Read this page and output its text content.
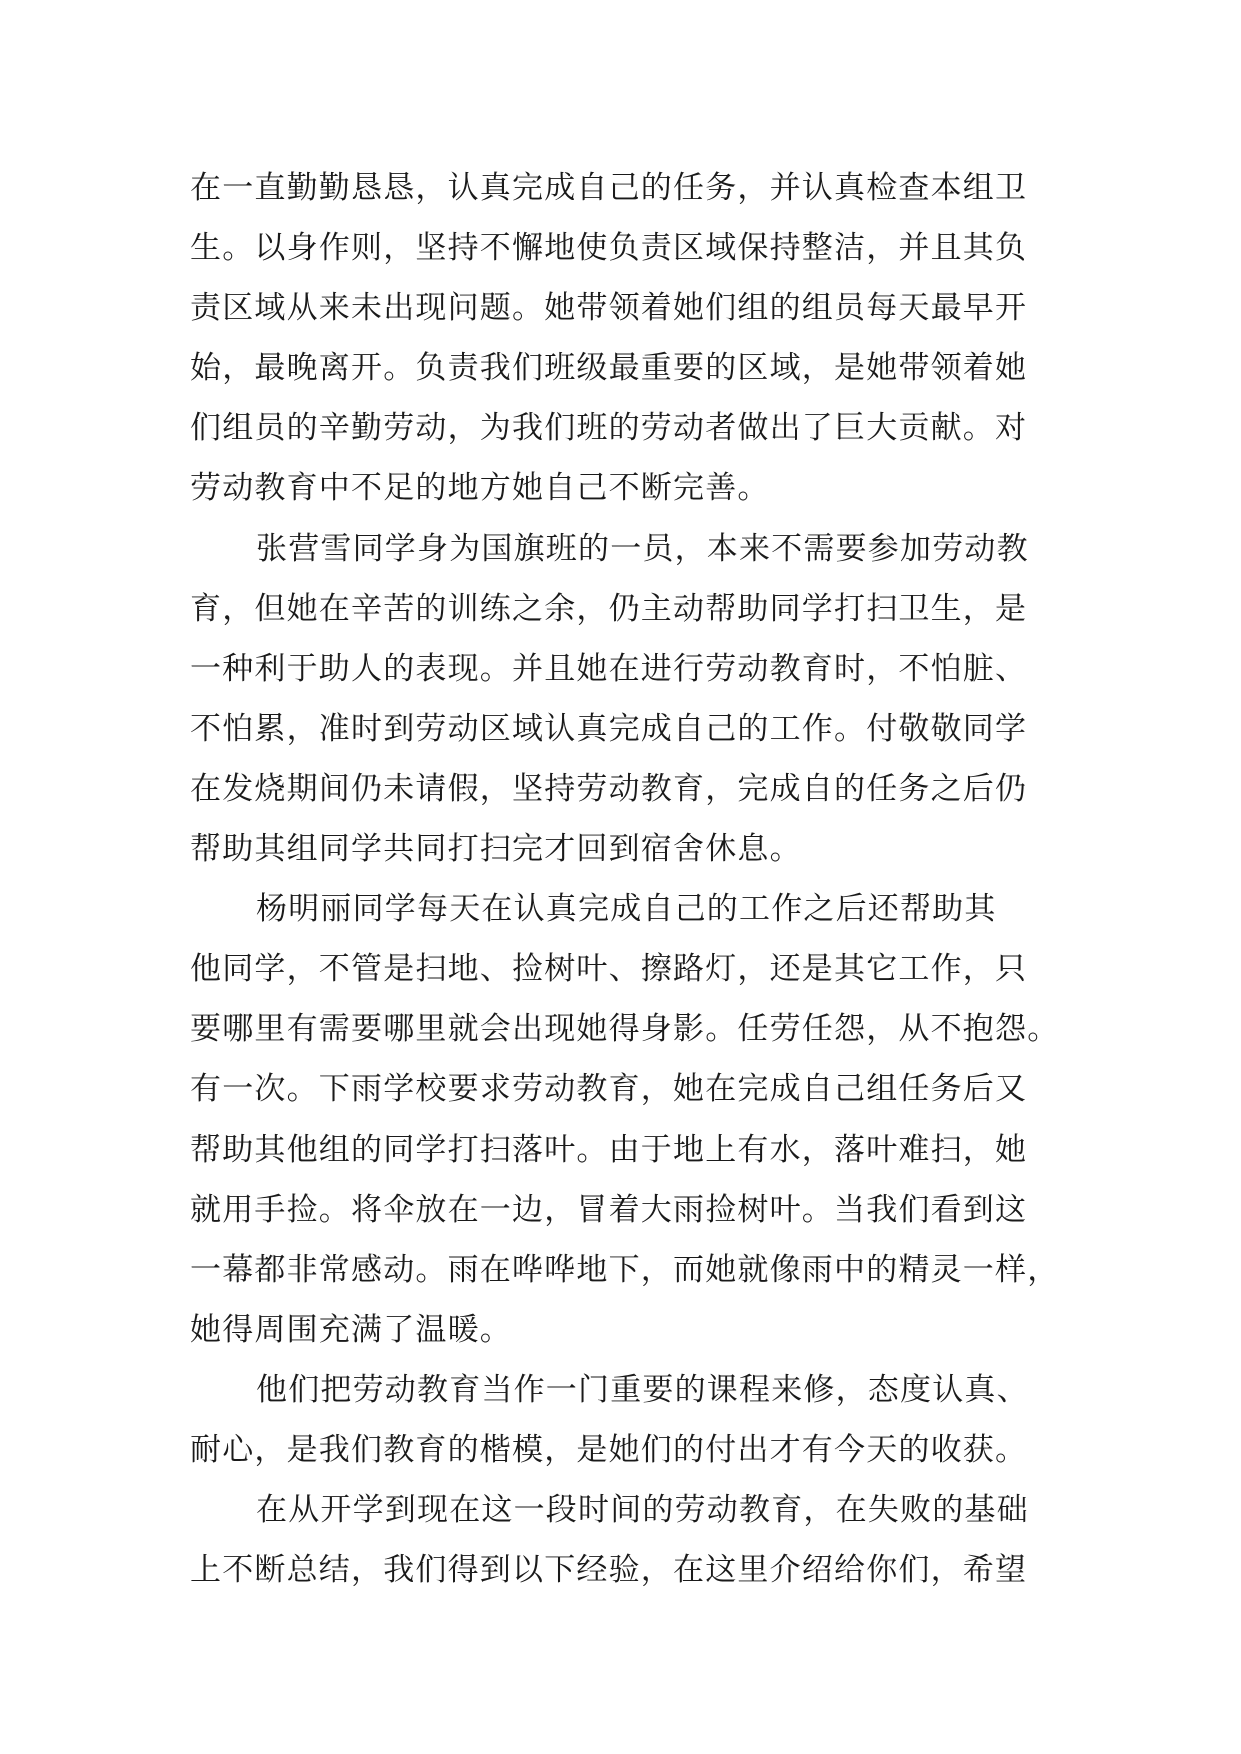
在一直勤勤恳恳，认真完成自己的任务，并认真检查本组卫
生。以身作则，坚持不懈地使负责区域保持整洁，并且其负
责区域从来未出现问题。她带领着她们组的组员每天最早开
始，最晚离开。负责我们班级最重要的区域，是她带领着她
们组员的辛勤劳动，为我们班的劳动者做出了巨大贡献。对
劳动教育中不足的地方她自己不断完善。
张营雪同学身为国旗班的一员，本来不需要参加劳动教
育，但她在辛苦的训练之余，仍主动帮助同学打扫卫生，是
一种利于助人的表现。并且她在进行劳动教育时，不怕脏、
不怕累，准时到劳动区域认真完成自己的工作。付敬敬同学
在发烧期间仍未请假，坚持劳动教育，完成自的任务之后仍
帮助其组同学共同打扫完才回到宿舍休息。
杨明丽同学每天在认真完成自己的工作之后还帮助其
他同学，不管是扫地、捡树叶、擦路灯，还是其它工作，只
要哪里有需要哪里就会出现她得身影。任劳任怨，从不抱怨。
有一次。下雨学校要求劳动教育，她在完成自己组任务后又
帮助其他组的同学打扫落叶。由于地上有水，落叶难扫，她
就用手捡。将伞放在一边，冒着大雨捡树叶。当我们看到这
一幕都非常感动。雨在哗哗地下，而她就像雨中的精灵一样，
她得周围充满了温暖。
他们把劳动教育当作一门重要的课程来修，态度认真、
耐心，是我们教育的楷模，是她们的付出才有今天的收获。
在从开学到现在这一段时间的劳动教育，在失败的基础
上不断总结，我们得到以下经验，在这里介绍给你们，希望
